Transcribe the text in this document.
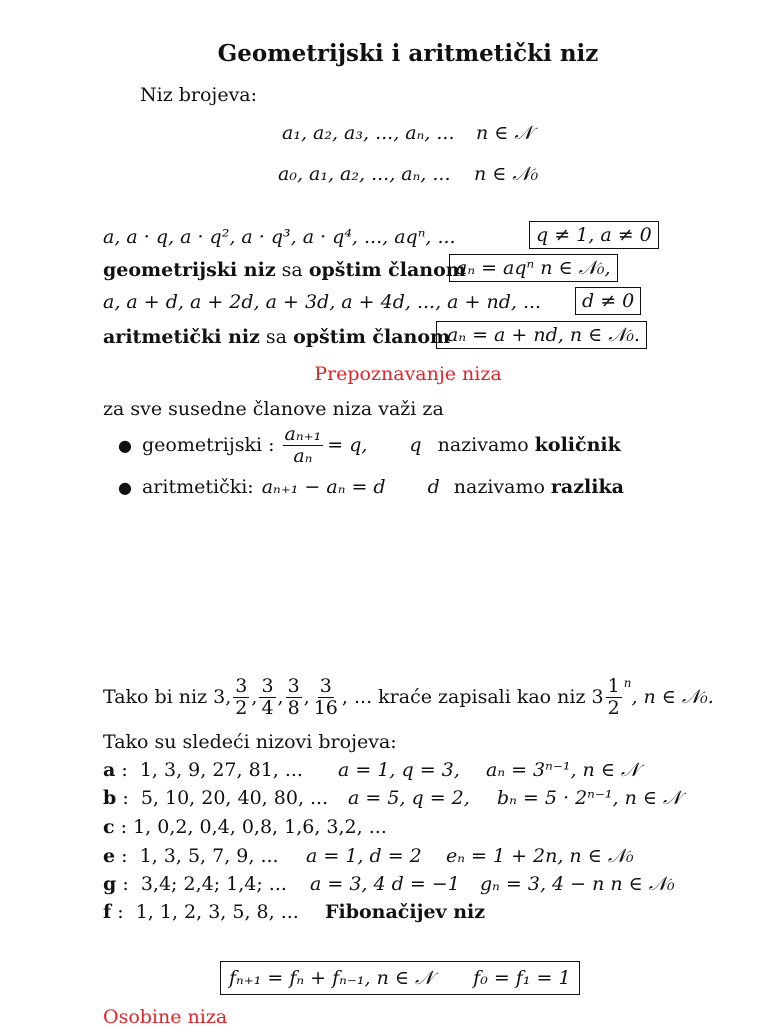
Geometrijski i aritmetički niz
Niz brojeva:
a₁, a₂, a₃, ..., aₙ, ... n ∈ 𝒩
a₀, a₁, a₂, ..., aₙ, ... n ∈ 𝒩₀
a, a · q, a · q², a · q³, a · q⁴, ..., aqⁿ, ...	q ≠ 1, a ≠ 0
geometrijski niz sa opštim članom
aₙ = aqⁿ n ∈ 𝒩₀,
a, a + d, a + 2d, a + 3d, a + 4d, ..., a + nd, ...	d ≠ 0
aritmetički niz sa opštim članom
aₙ = a + nd, n ∈ 𝒩₀.
Prepoznavanje niza
za sve susedne članove niza važi za
● geometrijski : $\frac{\text{aₙ₊₁}}{\text{aₙ}} = q$, q nazivamo količnik
● aritmetički: aₙ₊₁ − aₙ = d d nazivamo razlika
Tako bi niz 3, $\frac{3}{2}$ , $\frac{3}{4}$ , $\frac{3}{8}$ , $\frac{3}{16}$ , ... kraće zapisali kao niz $3 \frac{1}{2}^n$
, n ∈ 𝒩₀.
Tako su sledeći nizovi brojeva:
a :  1, 3, 9, 27, 81, ... a = 1, q = 3, aₙ = 3ⁿ⁻¹, n ∈ 𝒩
b :  5, 10, 20, 40, 80, ... a = 5, q = 2, bₙ = 5 · 2ⁿ⁻¹, n ∈ 𝒩
c : 1, 0,2, 0,4, 0,8, 1,6, 3,2, ...
e :  1, 3, 5, 7, 9, ... a = 1, d = 2 eₙ = 1 + 2n, n ∈ 𝒩₀
g :  3,4; 2,4; 1,4; ... a = 3, 4 d = −1 gₙ = 3, 4 − n n ∈ 𝒩₀
f :  1, 1, 2, 3, 5, 8, ... Fibonačijev niz
fₙ₊₁ = fₙ + fₙ₋₁, n ∈ 𝒩 f₀ = f₁ = 1
Osobine niza
